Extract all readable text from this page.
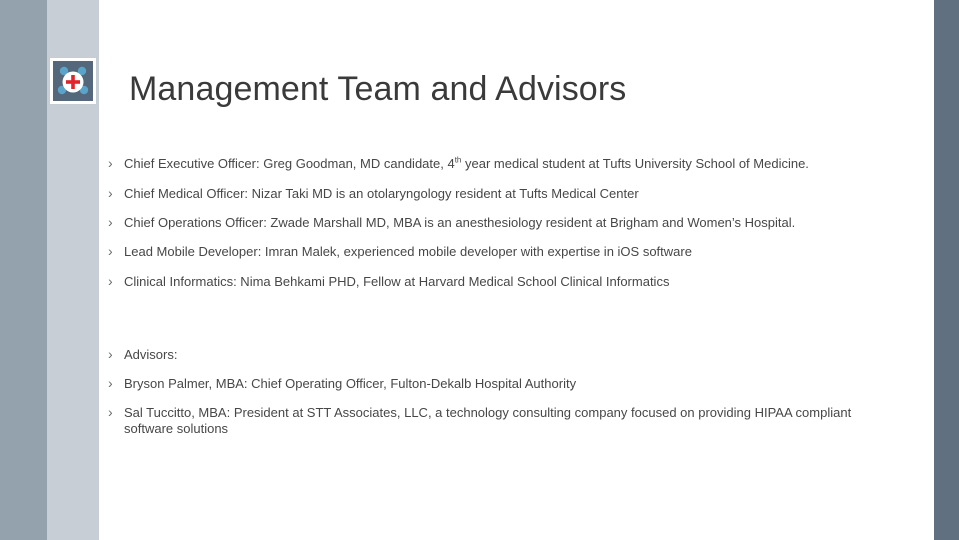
Management Team and Advisors
› Chief Executive Officer: Greg Goodman, MD candidate, 4th year medical student at Tufts University School of Medicine.
› Chief Medical Officer: Nizar Taki MD is an otolaryngology resident at Tufts Medical Center
› Chief Operations Officer: Zwade Marshall MD, MBA is an anesthesiology resident at Brigham and Women’s Hospital.
› Lead Mobile Developer: Imran Malek, experienced mobile developer with expertise in iOS software
› Clinical Informatics: Nima Behkami PHD, Fellow at Harvard Medical School Clinical Informatics
› Advisors:
› Bryson Palmer, MBA: Chief Operating Officer, Fulton-Dekalb Hospital Authority
› Sal Tuccitto, MBA: President at STT Associates, LLC, a technology consulting company focused on providing HIPAA compliant software solutions
